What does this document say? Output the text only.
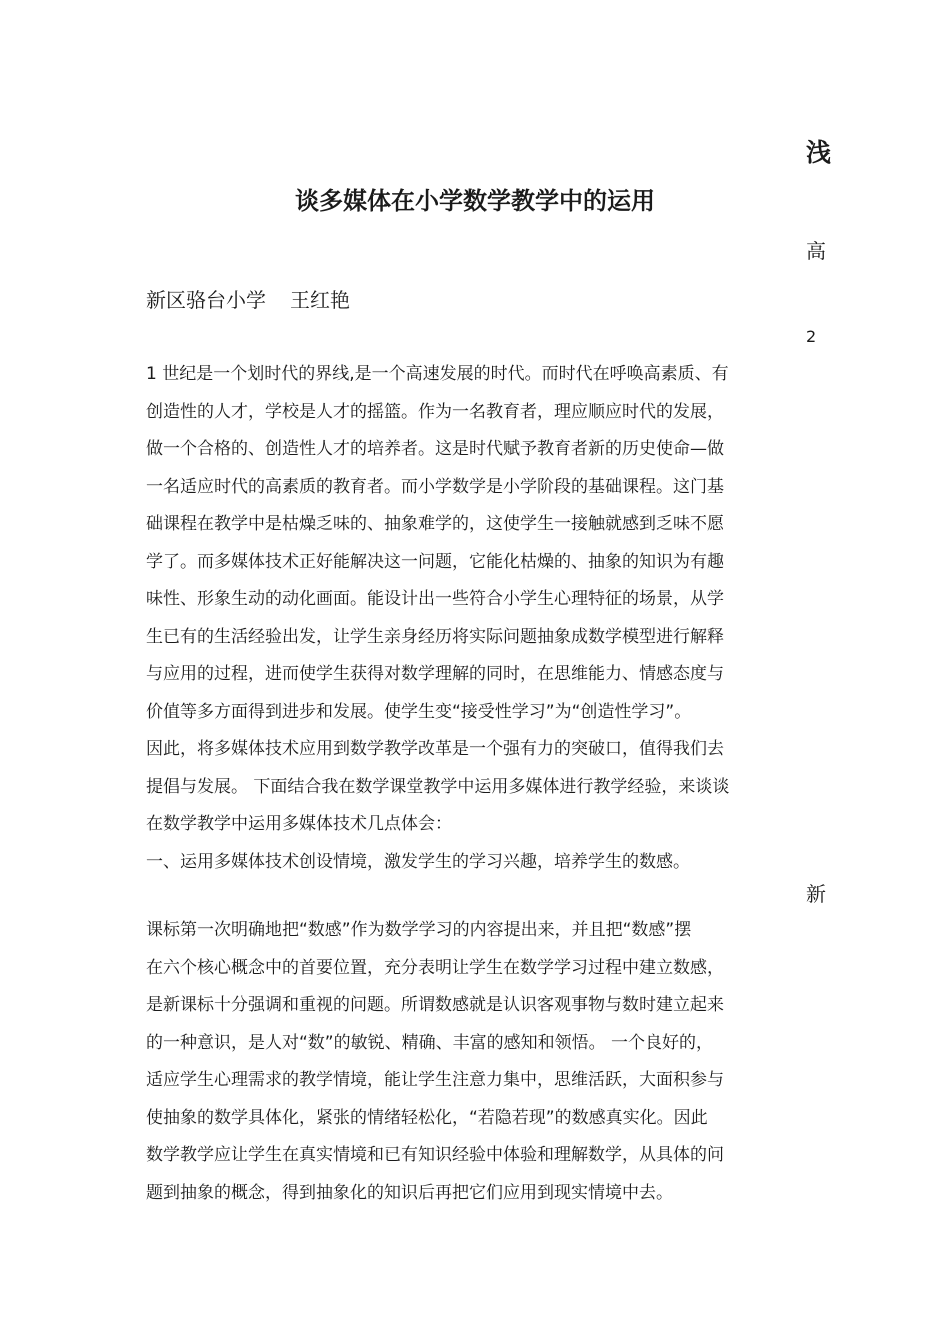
浅
谈多媒体在小学数学教学中的运用
高
新区骆台小学 王红艳
2
1 世纪是一个划时代的界线,是一个高速发展的时代。而时代在呼唤高素质、有
创造性的人才，学校是人才的摇篮。作为一名教育者，理应顺应时代的发展，
做一个合格的、创造性人才的培养者。这是时代赋予教育者新的历史使命—做
一名适应时代的高素质的教育者。而小学数学是小学阶段的基础课程。这门基
础课程在教学中是枯燥乏味的、抽象难学的，这使学生一接触就感到乏味不愿
学了。而多媒体技术正好能解决这一问题，它能化枯燥的、抽象的知识为有趣
味性、形象生动的动化画面。能设计出一些符合小学生心理特征的场景，从学
生已有的生活经验出发，让学生亲身经历将实际问题抽象成数学模型进行解释
与应用的过程，进而使学生获得对数学理解的同时，在思维能力、情感态度与
价值等多方面得到进步和发展。使学生变“接受性学习”为“创造性学习”。
因此，将多媒体技术应用到数学教学改革是一个强有力的突破口，值得我们去
提倡与发展。 下面结合我在数学课堂教学中运用多媒体进行教学经验，来谈谈
在数学教学中运用多媒体技术几点体会：
一、运用多媒体技术创设情境，激发学生的学习兴趣，培养学生的数感。
新
课标第一次明确地把“数感”作为数学学习的内容提出来，并且把“数感”摆
在六个核心概念中的首要位置，充分表明让学生在数学学习过程中建立数感，
是新课标十分强调和重视的问题。所谓数感就是认识客观事物与数时建立起来
的一种意识，是人对“数”的敏锐、精确、丰富的感知和领悟。 一个良好的，
适应学生心理需求的教学情境，能让学生注意力集中，思维活跃，大面积参与
使抽象的数学具体化，紧张的情绪轻松化，“若隐若现”的数感真实化。因此
数学教学应让学生在真实情境和已有知识经验中体验和理解数学，从具体的问
题到抽象的概念，得到抽象化的知识后再把它们应用到现实情境中去。
